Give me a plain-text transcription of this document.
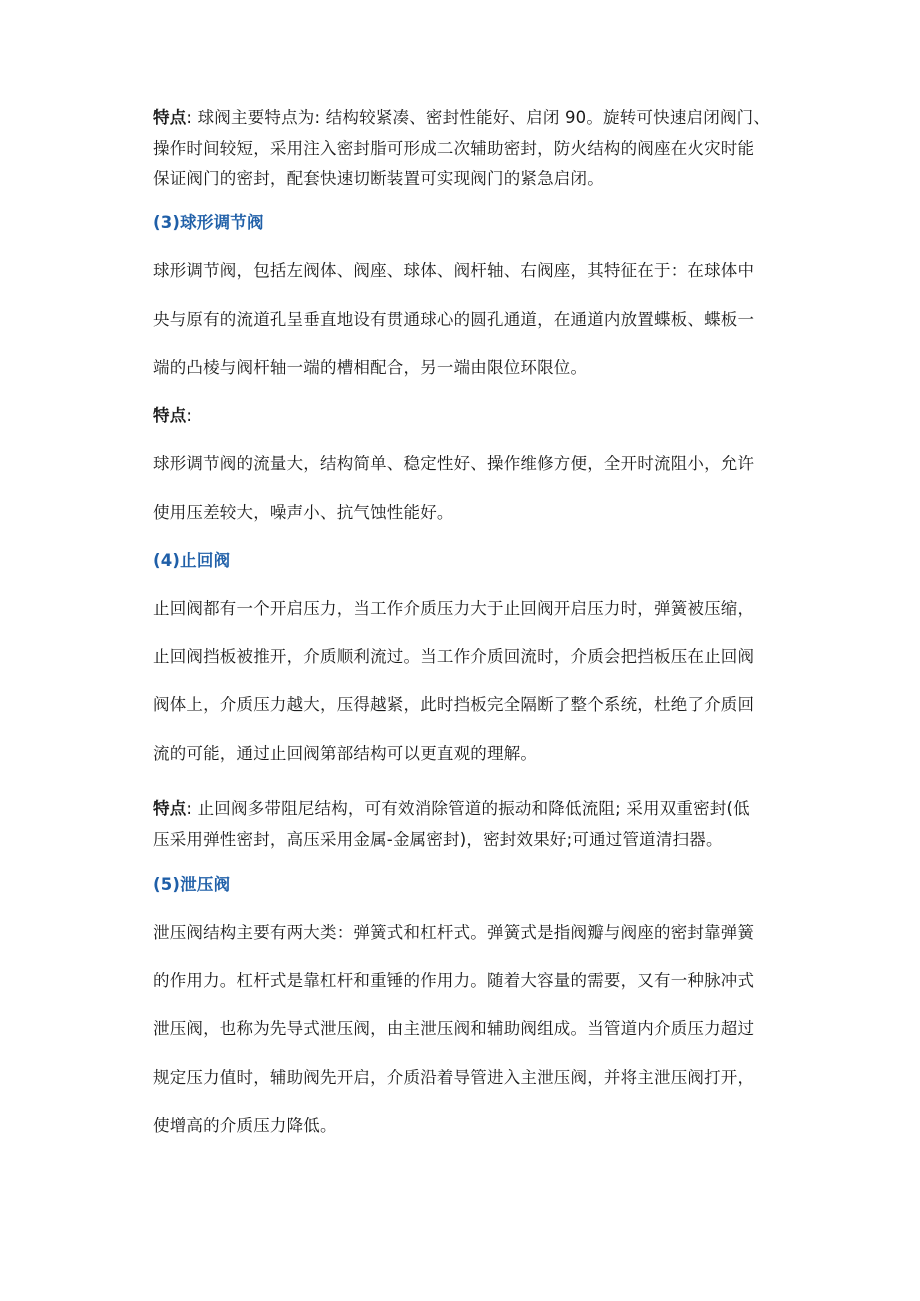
特点: 球阀主要特点为: 结构较紧凑、密封性能好、启闭 90。旋转可快速启闭阀门、
操作时间较短，采用注入密封脂可形成二次辅助密封，防火结构的阀座在火灾时能
保证阀门的密封，配套快速切断装置可实现阀门的紧急启闭。
(3)球形调节阀
球形调节阀，包括左阀体、阀座、球体、阀杆轴、右阀座，其特征在于：在球体中
央与原有的流道孔呈垂直地设有贯通球心的圆孔通道，在通道内放置蝶板、蝶板一
端的凸棱与阀杆轴一端的槽相配合，另一端由限位环限位。
特点:
球形调节阀的流量大，结构简单、稳定性好、操作维修方便，全开时流阻小，允许
使用压差较大，噪声小、抗气蚀性能好。
(4)止回阀
止回阀都有一个开启压力，当工作介质压力大于止回阀开启压力时，弹簧被压缩，
止回阀挡板被推开，介质顺利流过。当工作介质回流时，介质会把挡板压在止回阀
阀体上，介质压力越大，压得越紧，此时挡板完全隔断了整个系统，杜绝了介质回
流的可能，通过止回阀第部结构可以更直观的理解。
特点: 止回阀多带阻尼结构，可有效消除管道的振动和降低流阻; 采用双重密封(低
压采用弹性密封，高压采用金属-金属密封)，密封效果好;可通过管道清扫器。
(5)泄压阀
泄压阀结构主要有两大类：弹簧式和杠杆式。弹簧式是指阀瓣与阀座的密封靠弹簧
的作用力。杠杆式是靠杠杆和重锤的作用力。随着大容量的需要，又有一种脉冲式
泄压阀，也称为先导式泄压阀，由主泄压阀和辅助阀组成。当管道内介质压力超过
规定压力值时，辅助阀先开启，介质沿着导管进入主泄压阀，并将主泄压阀打开，
使增高的介质压力降低。
